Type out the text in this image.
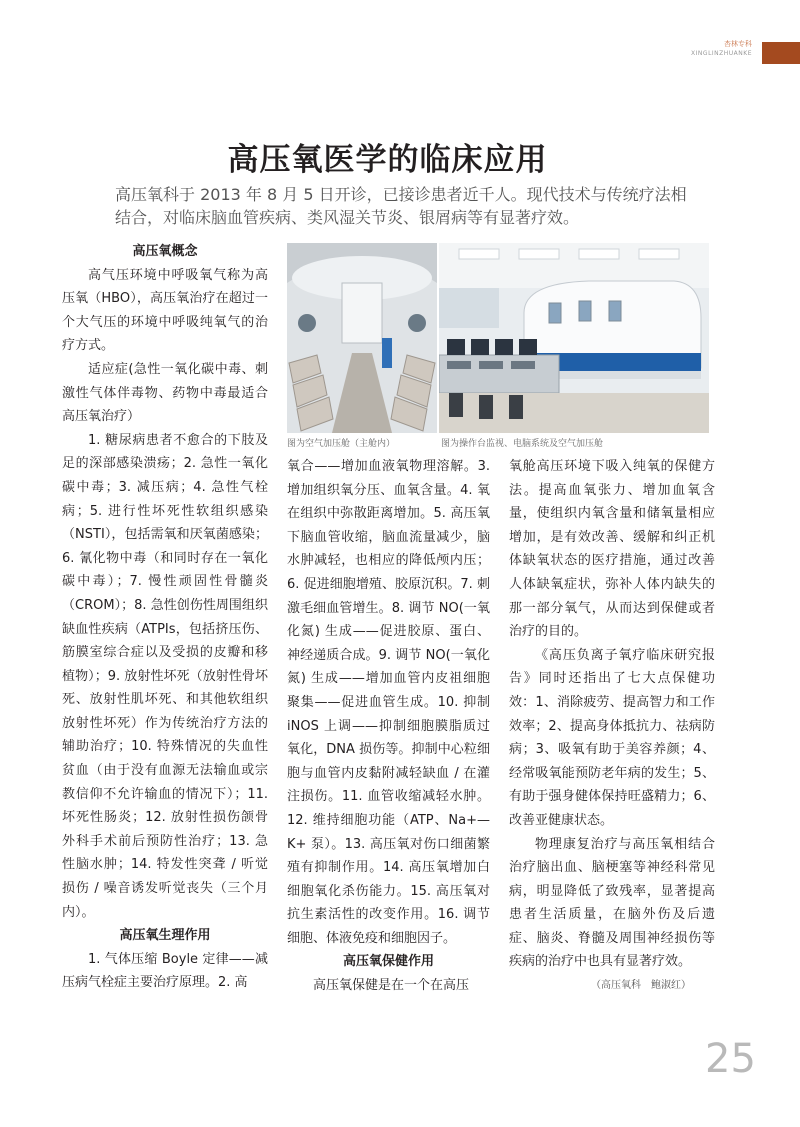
杏林专科
XINGLINZHUANKE
高压氧医学的临床应用
高压氧科于 2013 年 8 月 5 日开诊，已接诊患者近千人。现代技术与传统疗法相结合，对临床脑血管疾病、类风湿关节炎、银屑病等有显著疗效。

高压氧概念

高气压环境中呼吸氧气称为高压氧（HBO），高压氧治疗在超过一个大气压的环境中呼吸纯氧气的治疗方式。

适应症(急性一氧化碳中毒、刺激性气体伴毒物、药物中毒最适合高压氧治疗）

1. 糖尿病患者不愈合的下肢及足的深部感染溃疡；2. 急性一氧化碳中毒；3. 减压病；4. 急性气栓病；5. 进行性坏死性软组织感染（NSTI），包括需氧和厌氧菌感染；6. 氰化物中毒（和同时存在一氧化碳中毒）；7. 慢性顽固性骨髓炎（CROM）；8. 急性创伤性周围组织缺血性疾病（ATPIs，包括挤压伤、筋膜室综合症以及受损的皮瓣和移植物）；9. 放射性坏死（放射性骨坏死、放射性肌坏死、和其他软组织放射性坏死）作为传统治疗方法的辅助治疗；10. 特殊情况的失血性贫血（由于没有血源无法输血或宗教信仰不允许输血的情况下）；11. 坏死性肠炎；12. 放射性损伤颌骨外科手术前后预防性治疗；13. 急性脑水肿；14. 特发性突聋 / 听觉损伤 / 噪音诱发听觉丧失（三个月内）。

高压氧生理作用

1. 气体压缩 Boyle 定律——减压病气栓症主要治疗原理。2. 高

图为空气加压舱（主舱内）	图为操作台监视、电脑系统及空气加压舱

氧合——增加血液氧物理溶解。3. 增加组织氧分压、血氧含量。4. 氧在组织中弥散距离增加。5. 高压氧下脑血管收缩，脑血流量减少，脑水肿减轻，也相应的降低颅内压；6. 促进细胞增殖、胶原沉积。7. 刺激毛细血管增生。8. 调节 NO(一氧化氮) 生成——促进胶原、蛋白、神经递质合成。9. 调节 NO(一氧化氮) 生成——增加血管内皮祖细胞聚集——促进血管生成。10. 抑制 iNOS 上调——抑制细胞膜脂质过氧化，DNA 损伤等。抑制中心粒细胞与血管内皮黏附减轻缺血 / 在灌注损伤。11. 血管收缩减轻水肿。12. 维持细胞功能（ATP、Na+—K+ 泵）。13. 高压氧对伤口细菌繁殖有抑制作用。14. 高压氧增加白细胞氧化杀伤能力。15. 高压氧对抗生素活性的改变作用。16. 调节细胞、体液免疫和细胞因子。

高压氧保健作用

高压氧保健是在一个在高压

氧舱高压环境下吸入纯氧的保健方法。提高血氧张力、增加血氧含量，使组织内氧含量和储氧量相应增加，是有效改善、缓解和纠正机体缺氧状态的医疗措施，通过改善人体缺氧症状，弥补人体内缺失的那一部分氧气，从而达到保健或者治疗的目的。

《高压负离子氧疗临床研究报告》同时还指出了七大点保健功效：1、消除疲劳、提高智力和工作效率；2、提高身体抵抗力、祛病防病；3、吸氧有助于美容养颜；4、经常吸氧能预防老年病的发生；5、有助于强身健体保持旺盛精力；6、改善亚健康状态。

物理康复治疗与高压氧相结合治疗脑出血、脑梗塞等神经科常见病，明显降低了致残率，显著提高患者生活质量，在脑外伤及后遗症、脑炎、脊髓及周围神经损伤等疾病的治疗中也具有显著疗效。

（高压氧科　鲍淑红）

25
